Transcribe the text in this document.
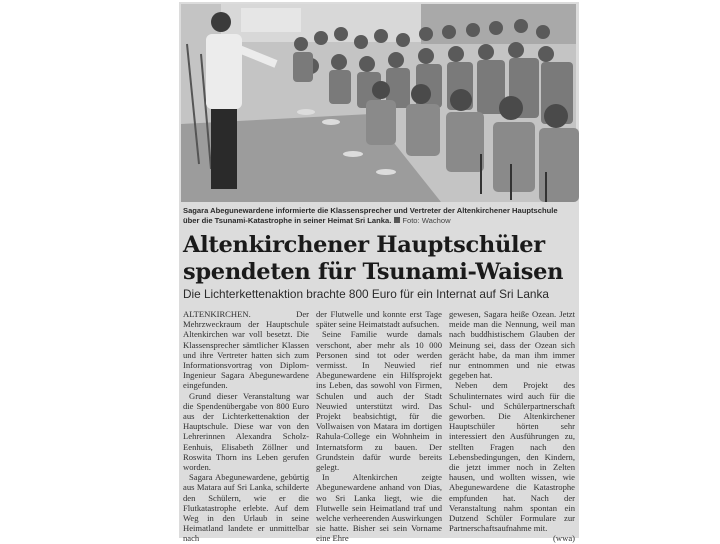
Sagara Abegunewardene informierte die Klassensprecher und Vertreter der Altenkirchener Hauptschule über die Tsunami-Katastrophe in seiner Heimat Sri Lanka. Foto: Wachow
Altenkirchener Hauptschüler
spendeten für Tsunami-Waisen
Die Lichterkettenaktion brachte 800 Euro für ein Internat auf Sri Lanka

ALTENKIRCHEN. Der Mehrzweckraum der Hauptschule Altenkirchen war voll besetzt. Die Klassensprecher sämtlicher Klassen und ihre Vertreter hatten sich zum Informationsvortrag von Diplom-Ingenieur Sagara Abegunewardene eingefunden.

Grund dieser Veranstaltung war die Spendenübergabe von 800 Euro aus der Lichterkettenaktion der Hauptschule. Diese war von den Lehrerinnen Alexandra Scholz-Eenhuis, Elisabeth Zöllner und Roswita Thorn ins Leben gerufen worden.

Sagara Abegunewardene, gebürtig aus Matara auf Sri Lanka, schilderte den Schülern, wie er die Flutkatastrophe erlebte. Auf dem Weg in den Urlaub in seine Heimatland landete er unmittelbar nach

der Flutwelle und konnte erst Tage später seine Heimatstadt aufsuchen.

Seine Familie wurde damals verschont, aber mehr als 10 000 Personen sind tot oder werden vermisst. In Neuwied rief Abegunewardene ein Hilfsprojekt ins Leben, das sowohl von Firmen, Schulen und auch der Stadt Neuwied unterstützt wird. Das Projekt beabsichtigt, für die Vollwaisen von Matara im dortigen Rahula-College ein Wohnheim in Internatsform zu bauen. Der Grundstein dafür wurde bereits gelegt.

In Altenkirchen zeigte Abegunewardene anhand von Dias, wo Sri Lanka liegt, wie die Flutwelle sein Heimatland traf und welche verheerenden Auswirkungen sie hatte. Bisher sei sein Vorname eine Ehre

gewesen, Sagara heiße Ozean. Jetzt meide man die Nennung, weil man nach buddhistischem Glauben der Meinung sei, dass der Ozean sich gerächt habe, da man ihm immer nur entnommen und nie etwas gegeben hat.

Neben dem Projekt des Schulinternates wird auch für die Schul- und Schülerpartnerschaft geworben. Die Altenkirchener Hauptschüler hörten sehr interessiert den Ausführungen zu, stellten Fragen nach den Lebensbedingungen, den Kindern, die jetzt immer noch in Zelten hausen, und wollten wissen, wie Abegunewardene die Katastrophe empfunden hat. Nach der Veranstaltung nahm spontan ein Dutzend Schüler Formulare zur Partnerschaftsaufnahme mit.

(wwa)
